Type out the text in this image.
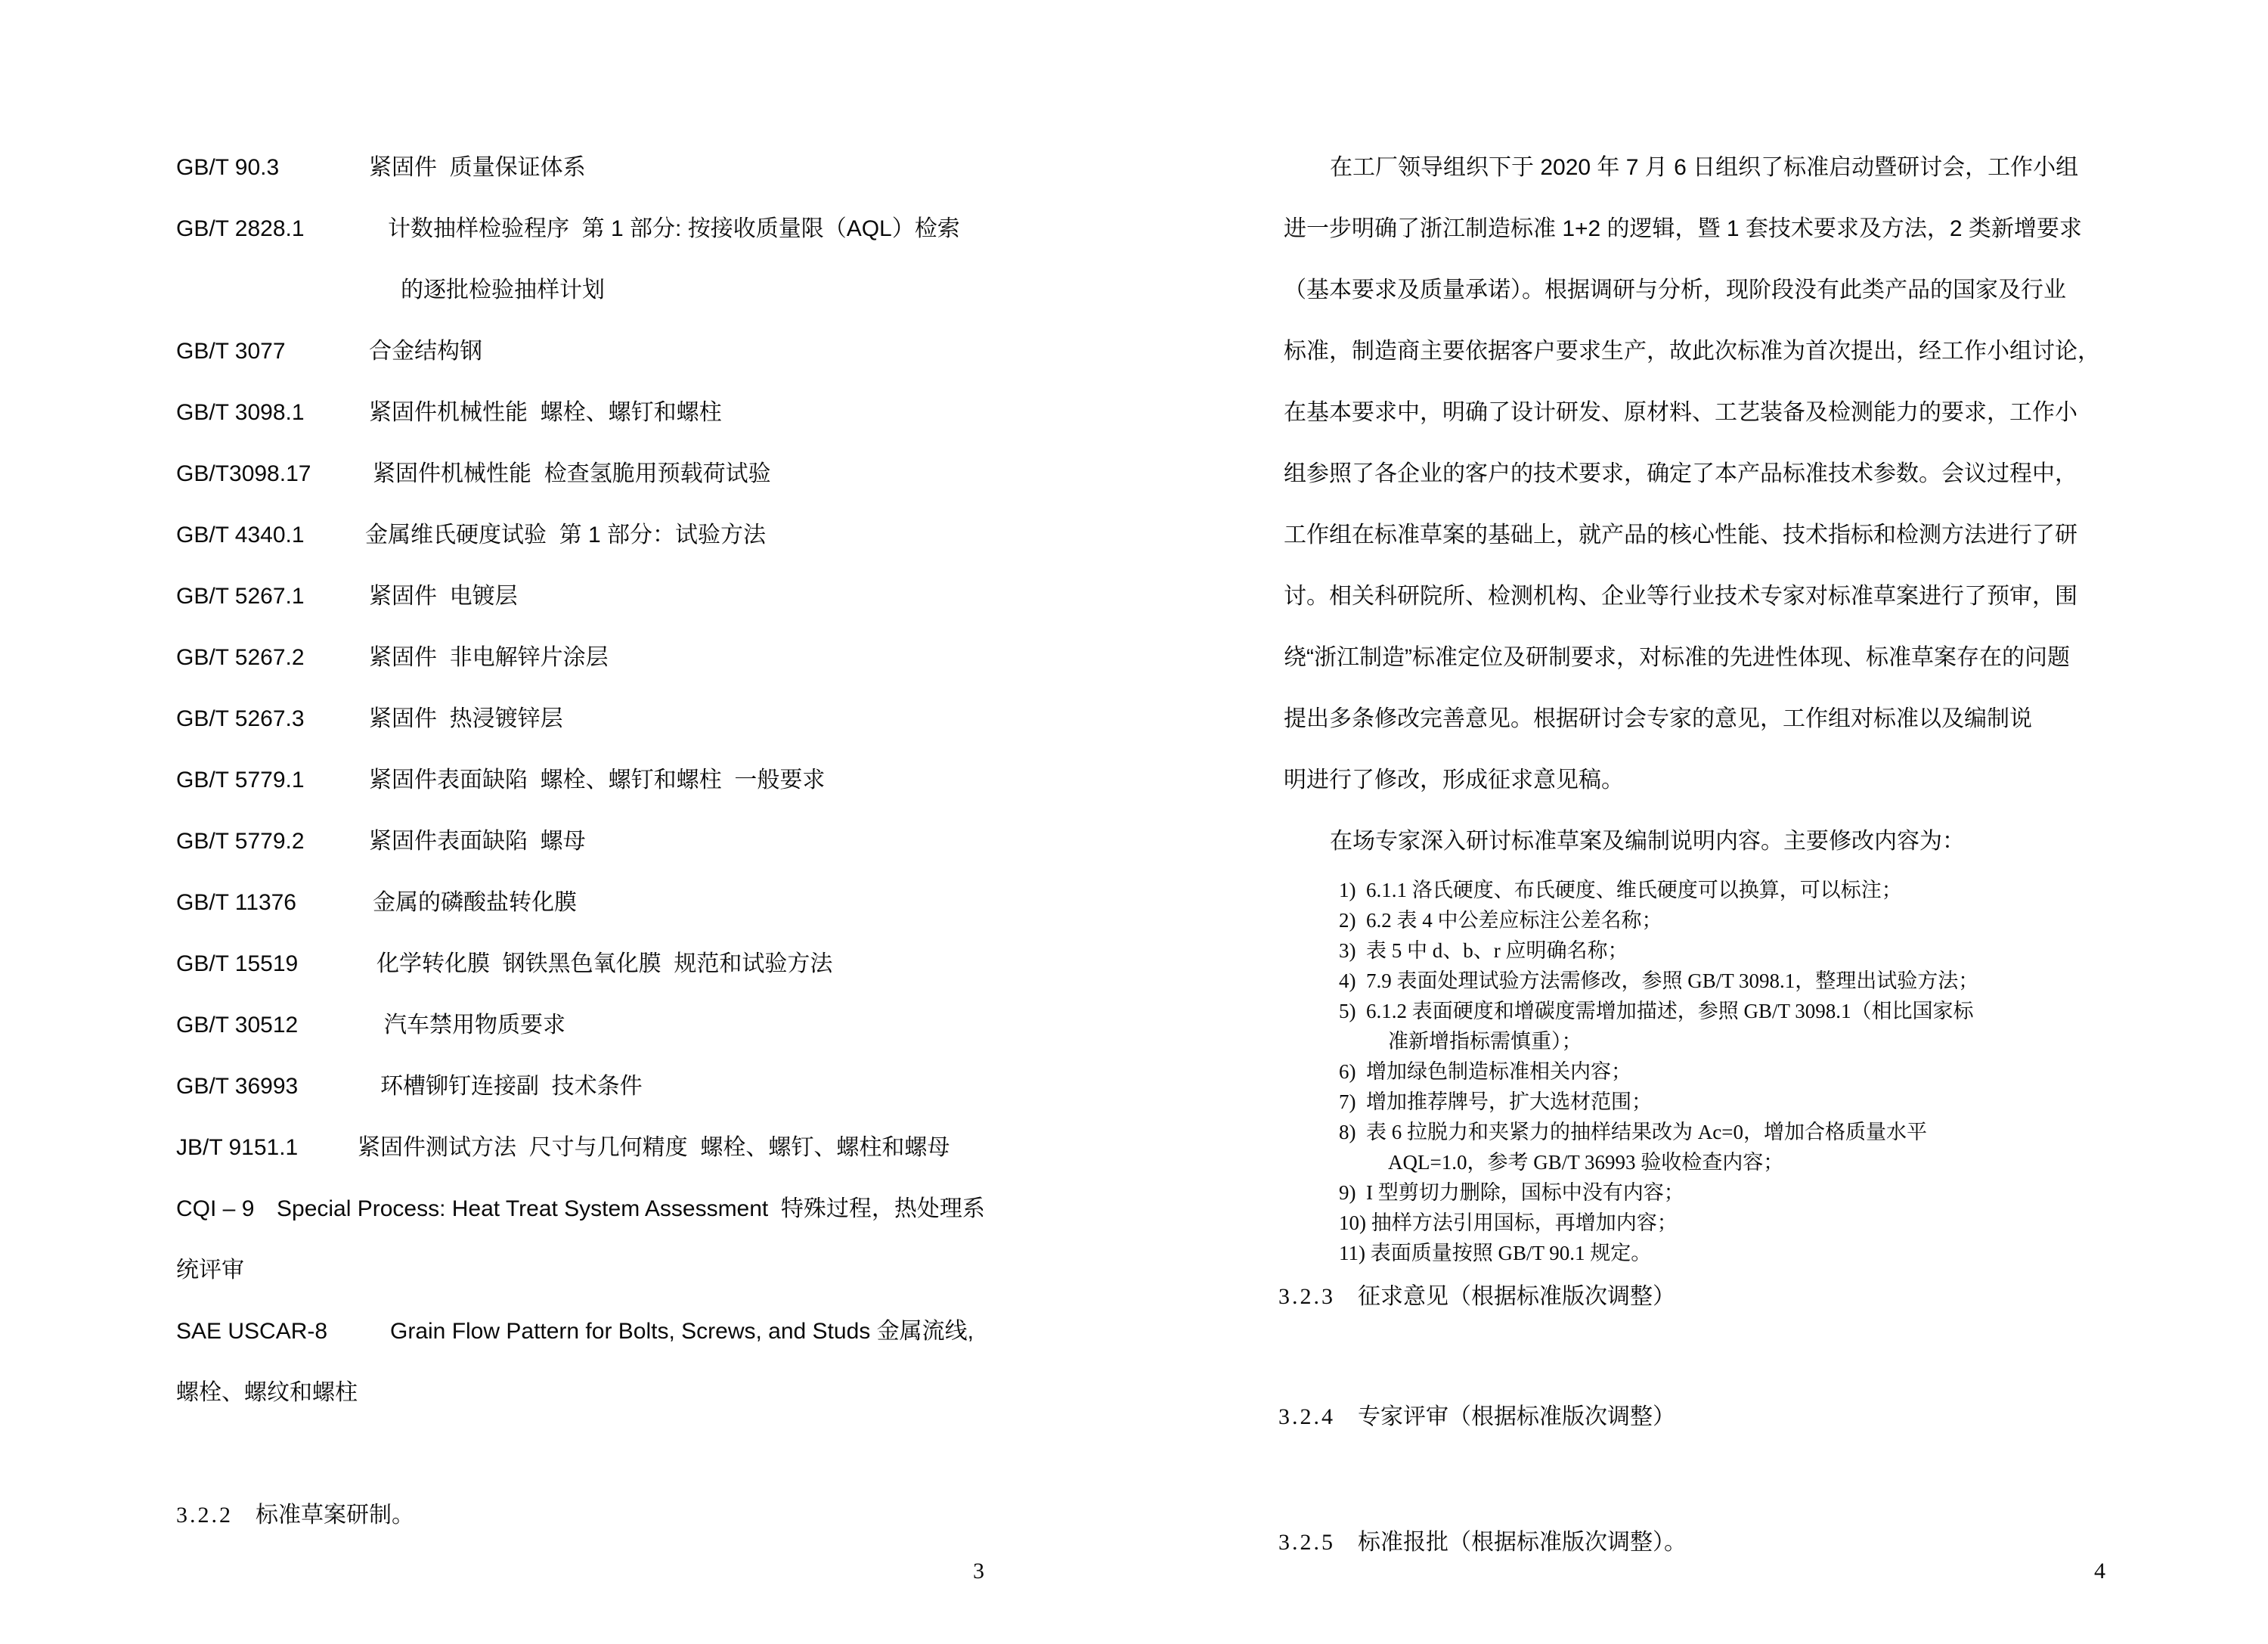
GB/T 90.3	紧固件  质量保证体系
GB/T 2828.1	计数抽样检验程序  第 1 部分: 按接收质量限（AQL）检索
的逐批检验抽样计划
GB/T 3077	合金结构钢
GB/T 3098.1	紧固件机械性能  螺栓、螺钉和螺柱
GB/T3098.17	紧固件机械性能  检查氢脆用预载荷试验
GB/T 4340.1	金属维氏硬度试验  第 1 部分：试验方法
GB/T 5267.1	紧固件  电镀层
GB/T 5267.2	紧固件  非电解锌片涂层
GB/T 5267.3	紧固件  热浸镀锌层
GB/T 5779.1	紧固件表面缺陷  螺栓、螺钉和螺柱  一般要求
GB/T 5779.2	紧固件表面缺陷  螺母
GB/T 11376	金属的磷酸盐转化膜
GB/T 15519	化学转化膜  钢铁黑色氧化膜  规范和试验方法
GB/T 30512	汽车禁用物质要求
GB/T 36993	环槽铆钉连接副  技术条件
JB/T 9151.1	紧固件测试方法  尺寸与几何精度  螺栓、螺钉、螺柱和螺母
CQI – 9 Special Process: Heat Treat System Assessment  特殊过程，热处理系
统评审
SAE USCAR-8	Grain Flow Pattern for Bolts, Screws, and Studs 金属流线,
螺栓、螺纹和螺柱
3.2.2 标准草案研制。
3
在工厂领导组织下于 2020 年 7 月 6 日组织了标准启动暨研讨会，工作小组
进一步明确了浙江制造标准 1+2 的逻辑，暨 1 套技术要求及方法，2 类新增要求
（基本要求及质量承诺）。根据调研与分析，现阶段没有此类产品的国家及行业
标准，制造商主要依据客户要求生产，故此次标准为首次提出，经工作小组讨论，
在基本要求中，明确了设计研发、原材料、工艺装备及检测能力的要求，工作小
组参照了各企业的客户的技术要求，确定了本产品标准技术参数。会议过程中，
工作组在标准草案的基础上，就产品的核心性能、技术指标和检测方法进行了研
讨。相关科研院所、检测机构、企业等行业技术专家对标准草案进行了预审，围
绕“浙江制造”标准定位及研制要求，对标准的先进性体现、标准草案存在的问题
提出多条修改完善意见。根据研讨会专家的意见，工作组对标准以及编制说
明进行了修改，形成征求意见稿。
在场专家深入研讨标准草案及编制说明内容。主要修改内容为：
1)  6.1.1 洛氏硬度、布氏硬度、维氏硬度可以换算，可以标注；
2)  6.2 表 4 中公差应标注公差名称；
3)  表 5 中 d、b、r 应明确名称；
4)  7.9 表面处理试验方法需修改，参照 GB/T 3098.1，整理出试验方法；
5)  6.1.2 表面硬度和增碳度需增加描述，参照 GB/T 3098.1（相比国家标
准新增指标需慎重）；
6)  增加绿色制造标准相关内容；
7)  增加推荐牌号，扩大选材范围；
8)  表 6 拉脱力和夹紧力的抽样结果改为 Ac=0，增加合格质量水平
AQL=1.0，参考 GB/T 36993 验收检查内容；
9)  I 型剪切力删除，国标中没有内容；
10) 抽样方法引用国标，再增加内容；
11) 表面质量按照 GB/T 90.1 规定。
3.2.3 征求意见（根据标准版次调整）
3.2.4 专家评审（根据标准版次调整）
3.2.5 标准报批（根据标准版次调整）。
4
